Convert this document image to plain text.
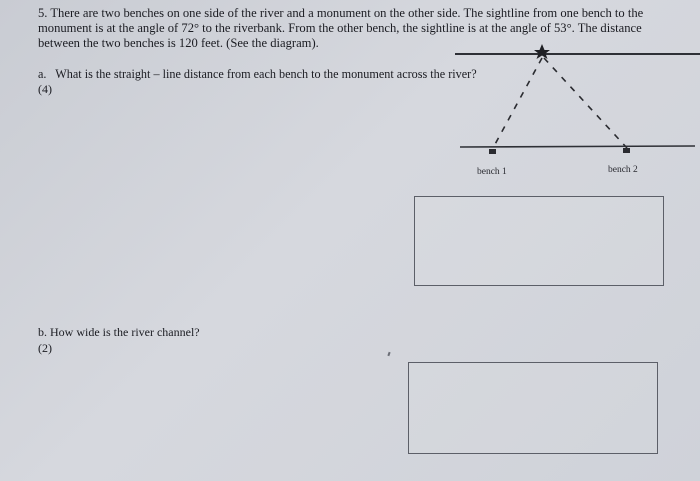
5. There are two benches on one side of the river and a monument on the other side. The sightline from one bench to the monument is at the angle of 72° to the riverbank. From the other bench, the sightline is at the angle of 53°. The distance between the two benches is 120 feet. (See the diagram).

a. What is the straight – line distance from each bench to the monument across the river?
(4)
bench 1	bench 2
b. How wide is the river channel?
(2)
